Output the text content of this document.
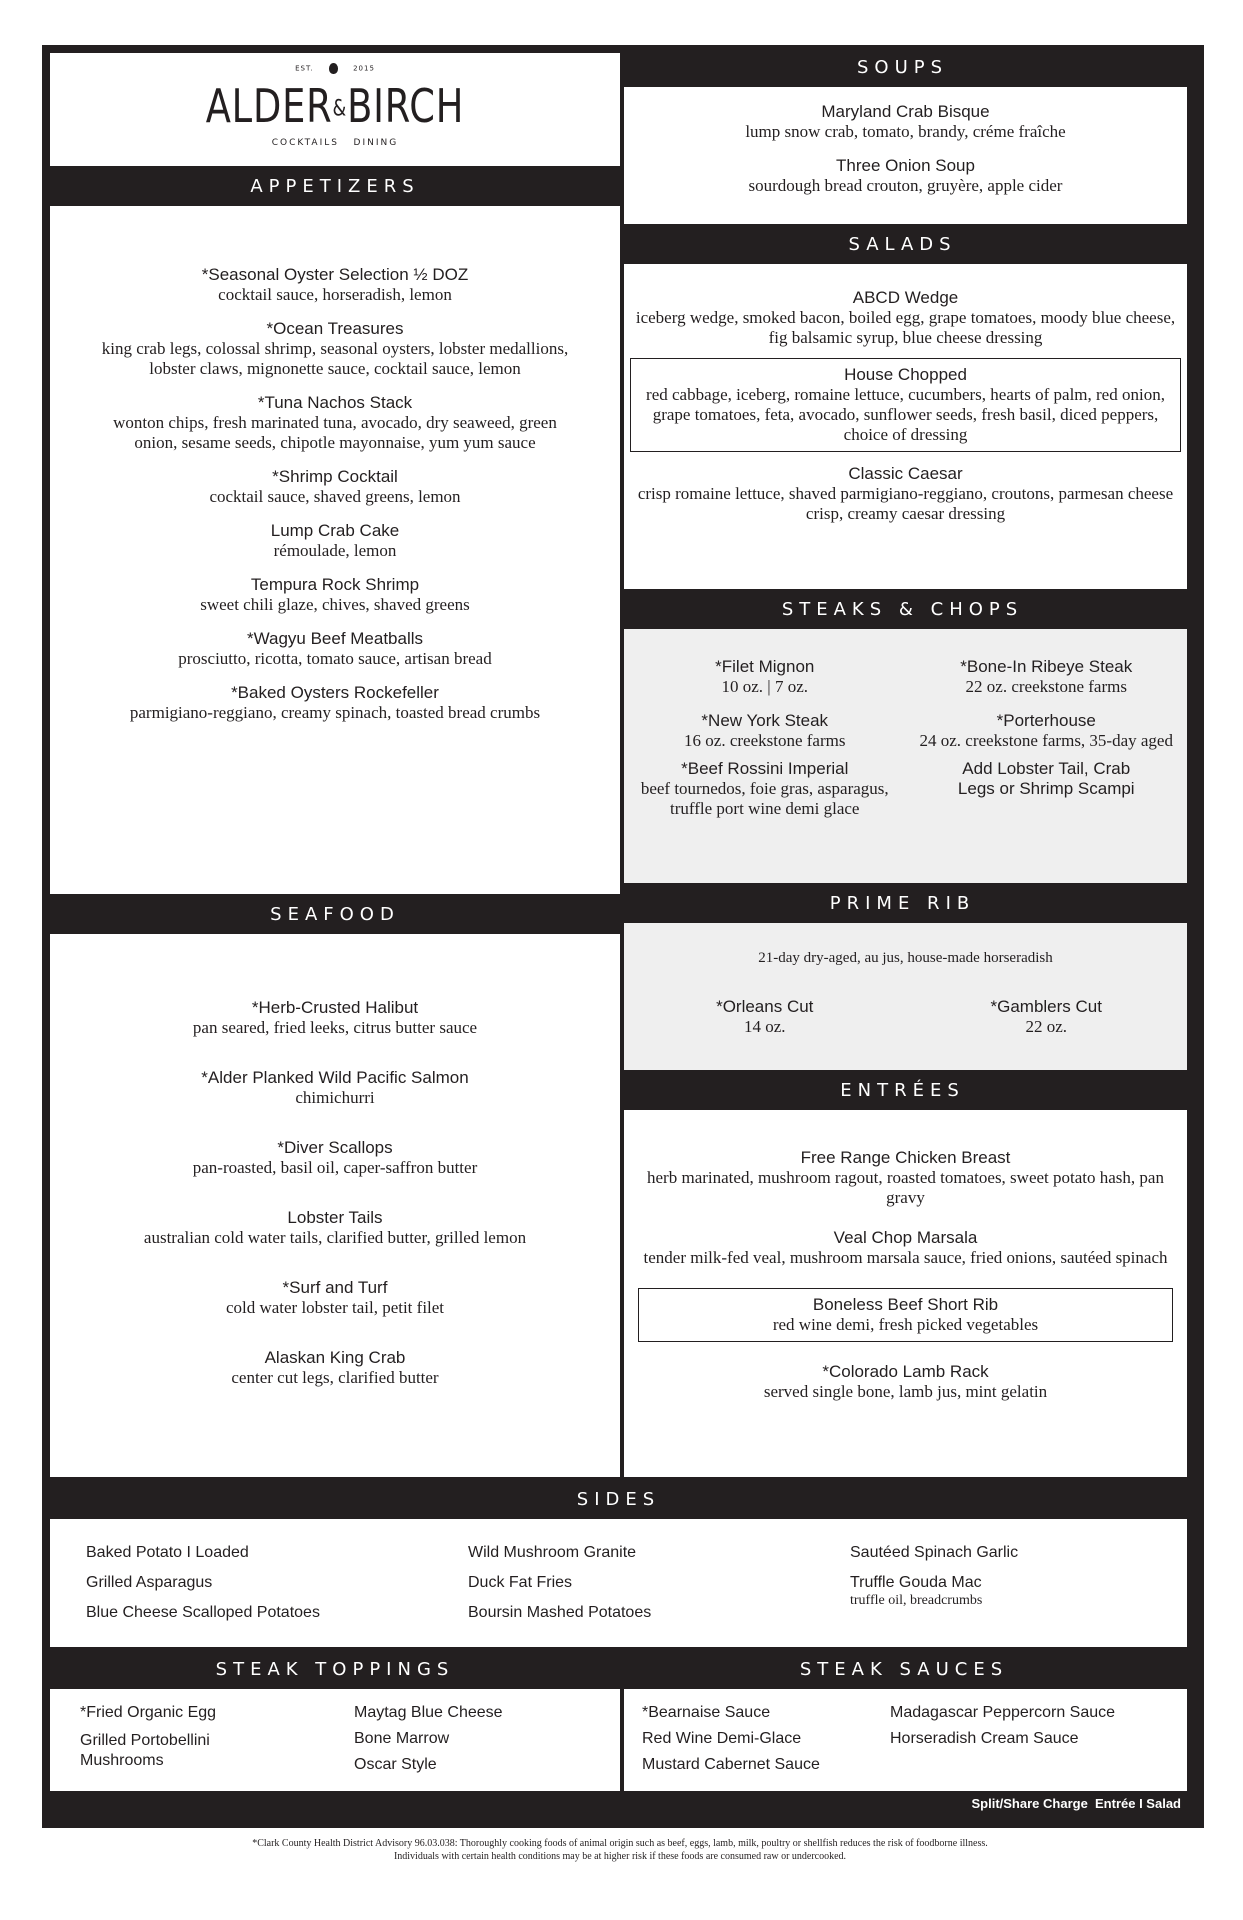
EST.	2015
ALDER&BIRCH
COCKTAILS   DINING
APPETIZERS
*Seasonal Oyster Selection ½ DOZ
cocktail sauce, horseradish, lemon
*Ocean Treasures
king crab legs, colossal shrimp, seasonal oysters, lobster medallions, lobster claws, mignonette sauce, cocktail sauce, lemon
*Tuna Nachos Stack
wonton chips, fresh marinated tuna, avocado, dry seaweed, green onion, sesame seeds, chipotle mayonnaise, yum yum sauce
*Shrimp Cocktail
cocktail sauce, shaved greens, lemon
Lump Crab Cake
rémoulade, lemon
Tempura Rock Shrimp
sweet chili glaze, chives, shaved greens
*Wagyu Beef Meatballs
prosciutto, ricotta, tomato sauce, artisan bread
*Baked Oysters Rockefeller
parmigiano-reggiano, creamy spinach, toasted bread crumbs
SOUPS
Maryland Crab Bisque
lump snow crab, tomato, brandy, créme fraîche
Three Onion Soup
sourdough bread crouton, gruyère, apple cider
SALADS
ABCD Wedge
iceberg wedge, smoked bacon, boiled egg, grape tomatoes, moody blue cheese, fig balsamic syrup, blue cheese dressing
House Chopped
red cabbage, iceberg, romaine lettuce, cucumbers, hearts of palm, red onion, grape tomatoes, feta, avocado, sunflower seeds, fresh basil, diced peppers, choice of dressing
Classic Caesar
crisp romaine lettuce, shaved parmigiano-reggiano, croutons, parmesan cheese crisp, creamy caesar dressing
STEAKS & CHOPS
*Filet Mignon
10 oz. | 7 oz.
*Bone-In Ribeye Steak
22 oz. creekstone farms
*New York Steak
16 oz. creekstone farms
*Porterhouse
24 oz. creekstone farms, 35-day aged
*Beef Rossini Imperial
beef tournedos, foie gras, asparagus, truffle port wine demi glace
Add Lobster Tail, Crab Legs or Shrimp Scampi
PRIME RIB
21-day dry-aged, au jus, house-made horseradish
*Orleans Cut
14 oz.
*Gamblers Cut
22 oz.
ENTRÉES
Free Range Chicken Breast
herb marinated, mushroom ragout, roasted tomatoes, sweet potato hash, pan gravy
Veal Chop Marsala
tender milk-fed veal, mushroom marsala sauce, fried onions, sautéed spinach
Boneless Beef Short Rib
red wine demi, fresh picked vegetables
*Colorado Lamb Rack
served single bone, lamb jus, mint gelatin
SEAFOOD
*Herb-Crusted Halibut
pan seared, fried leeks, citrus butter sauce
*Alder Planked Wild Pacific Salmon
chimichurri
*Diver Scallops
pan-roasted, basil oil, caper-saffron butter
Lobster Tails
australian cold water tails, clarified butter, grilled lemon
*Surf and Turf
cold water lobster tail, petit filet
Alaskan King Crab
center cut legs, clarified butter
SIDES
Baked Potato I Loaded
Grilled Asparagus
Blue Cheese Scalloped Potatoes
Wild Mushroom Granite
Duck Fat Fries
Boursin Mashed Potatoes
Sautéed Spinach Garlic
Truffle Gouda Mac
truffle oil, breadcrumbs
STEAK TOPPINGS
*Fried Organic Egg
Grilled Portobellini Mushrooms
Maytag Blue Cheese
Bone Marrow
Oscar Style
STEAK SAUCES
*Bearnaise Sauce
Red Wine Demi-Glace
Mustard Cabernet Sauce
Madagascar Peppercorn Sauce
Horseradish Cream Sauce
Split/Share Charge  Entrée I Salad
*Clark County Health District Advisory 96.03.038: Thoroughly cooking foods of animal origin such as beef, eggs, lamb, milk, poultry or shellfish reduces the risk of foodborne illness. Individuals with certain health conditions may be at higher risk if these foods are consumed raw or undercooked.
